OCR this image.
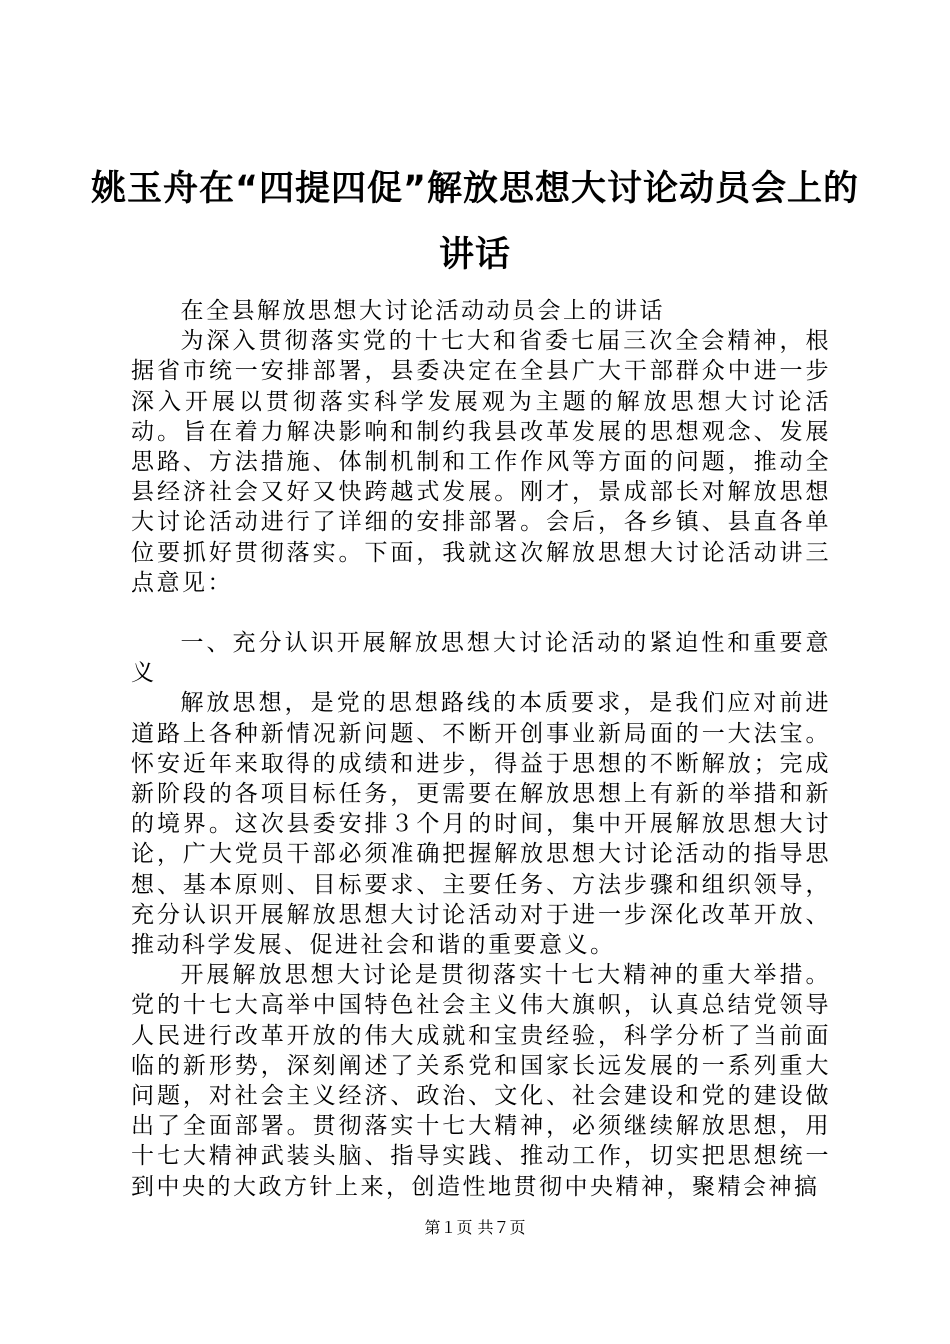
姚玉舟在“四提四促”解放思想大讨论动员会上的讲话

在全县解放思想大讨论活动动员会上的讲话

为深入贯彻落实党的十七大和省委七届三次全会精神，根据省市统一安排部署，县委决定在全县广大干部群众中进一步深入开展以贯彻落实科学发展观为主题的解放思想大讨论活动。旨在着力解决影响和制约我县改革发展的思想观念、发展思路、方法措施、体制机制和工作作风等方面的问题，推动全县经济社会又好又快跨越式发展。刚才，景成部长对解放思想大讨论活动进行了详细的安排部署。会后，各乡镇、县直各单位要抓好贯彻落实。下面，我就这次解放思想大讨论活动讲三点意见：

一、充分认识开展解放思想大讨论活动的紧迫性和重要意义

解放思想，是党的思想路线的本质要求，是我们应对前进道路上各种新情况新问题、不断开创事业新局面的一大法宝。怀安近年来取得的成绩和进步，得益于思想的不断解放；完成新阶段的各项目标任务，更需要在解放思想上有新的举措和新的境界。这次县委安排３个月的时间，集中开展解放思想大讨论，广大党员干部必须准确把握解放思想大讨论活动的指导思想、基本原则、目标要求、主要任务、方法步骤和组织领导，充分认识开展解放思想大讨论活动对于进一步深化改革开放、推动科学发展、促进社会和谐的重要意义。

开展解放思想大讨论是贯彻落实十七大精神的重大举措。党的十七大高举中国特色社会主义伟大旗帜，认真总结党领导人民进行改革开放的伟大成就和宝贵经验，科学分析了当前面临的新形势，深刻阐述了关系党和国家长远发展的一系列重大问题，对社会主义经济、政治、文化、社会建设和党的建设做出了全面部署。贯彻落实十七大精神，必须继续解放思想，用十七大精神武装头脑、指导实践、推动工作，切实把思想统一到中央的大政方针上来，创造性地贯彻中央精神，聚精会神搞

第１页 共７页
